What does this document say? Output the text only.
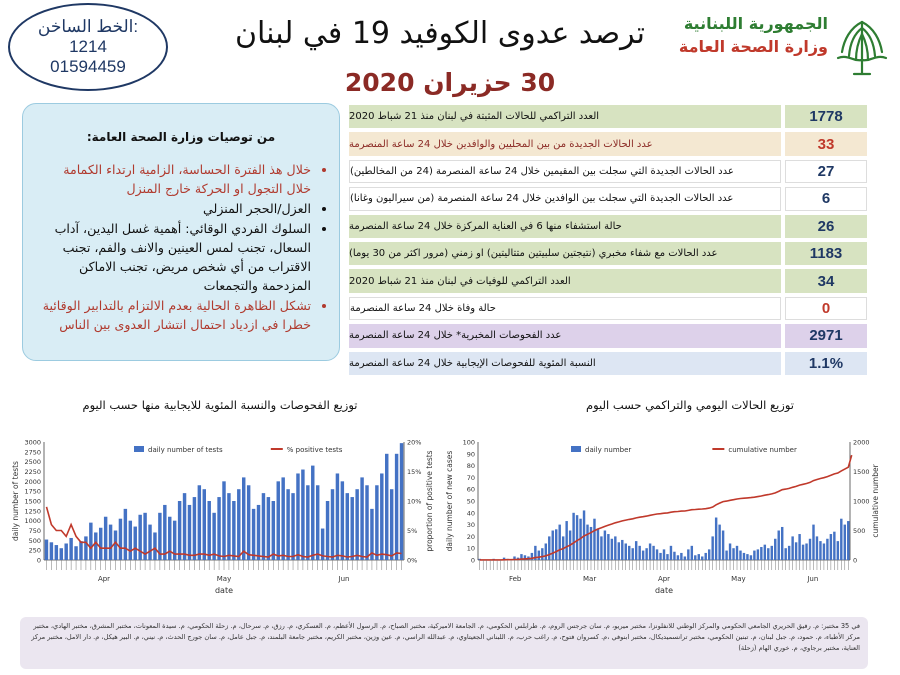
الخط الساخن:
1214
01594459
ترصد عدوى الكوفيد 19 في لبنان
30 حزيران 2020
الجمهورية اللبنانية
وزارة الصحة العامة
من توصيات وزارة الصحة العامة:
• خلال هذ الفترة الحساسة، الزامية ارتداء الكمامة خلال التجول او الحركة خارج المنزل
• العزل/الحجر المنزلي
• السلوك الفردي الوقائي: أهمية غسل اليدين، آداب السعال، تجنب لمس العينين والانف والفم، تجنب الاقتراب من أي شخص مريض، تجنب الاماكن المزدحمة والتجمعات
• تشكل الظاهرة الحالية بعدم الالتزام بالتدابير الوقائية خطرا في ازدياد احتمال انتشار العدوى بين الناس
العدد التراكمي للحالات المثبتة في لبنان منذ 21 شباط 2020	1778
عدد الحالات الجديدة من بين المحليين والوافدين خلال 24 ساعة المنصرمة	33
عدد الحالات الجديدة التي سجلت بين المقيمين خلال 24 ساعة المنصرمة (24 من المخالطين)	27
عدد الحالات الجديدة التي سجلت بين الوافدين خلال 24 ساعة المنصرمة (من سيراليون وغانا)	6
حالة استشفاء منها 6 في العناية المركزة خلال 24 ساعة المنصرمة	26
عدد الحالات مع شفاء مخبري (نتيجتين سلبيتين متتاليتين) او زمني (مرور اكثر من 30 يوما)	1183
العدد التراكمي للوفيات في لبنان منذ 21 شباط 2020	34
حالة وفاة خلال 24 ساعة المنصرمة	0
عدد الفحوصات المخبرية* خلال 24 ساعة المنصرمة	2971
النسبة المئوية للفحوصات الإيجابية خلال 24 ساعة المنصرمة	1.1%
توزيع الفحوصات والنسبة المئوية للايجابية منها حسب اليوم	توزيع الحالات اليومي والتراكمي حسب اليوم
0
250
500
750
1000
1250
1500
1750
2000
2250
2500
2750
3000
0%
5%
10%
15%
20%
Apr	May	Jun
date
daily number of tests	proportion of positive tests
daily number of tests	% positive tests
0
10
20
30
40
50
60
70
80
90
100
0
500
1000
1500
2000
Feb	Mar	Apr	May	Jun
date
daily number of new cases	cumulative number
daily number	cumulative number
في 35 مختبر: م. رفيق الحريري الجامعي الحكومي والمركز الوطني للانفلونزا، مختبر ميريو، م. سان جرجس الروم، م. طرابلس الحكومي، م. الجامعة الاميركية، مختبر الصباح، م. الرسول الأعظم، م. العسكري، م. رزق، م. سرحال، م. زحلة الحكومي، م. سيدة المعونات، مختبر المشرق، مختبر الهادي، مختبر مركز الأطباء، م. حمود، م. جبل لبنان، م. تبنين الحكومي، مختبر ترانسميديكال، مختبر ابنوفي ،م. كسروان فتوح، م. راغب حرب، م. اللبناني الجعيتاوي، م. عبدالله الراسي، م. عين وزين، مختبر الكريم، مختبر جامعة البلمند، م. جبل عامل، م. سان جورج الحدث، م. نيني، م. البير هيكل، م. دار الامل، مختبر مركز العناية، مختبر برجاوي، م. خوري الهام (زحلة)
